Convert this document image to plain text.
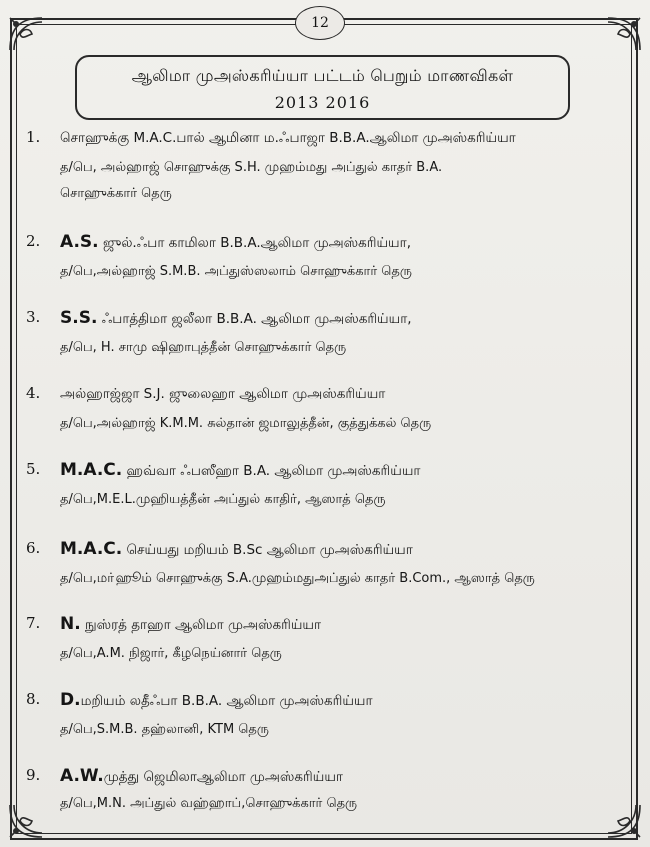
12
ஆலிமா முஅஸ்கரிய்யா பட்டம் பெறும் மாணவிகள்
2013 2016
1. சொஹுக்கு M.A.C.பால் ஆமினா ம.ஃபாஜா B.B.A.ஆலிமா முஅஸ்கரிய்யா
த/பெ, அல்ஹாஜ் சொஹுக்கு S.H. முஹம்மது அப்துல் காதர் B.A.
சொஹுக்கார் தெரு
2. A.S. ஜுல்.ஃபா காமிலா B.B.A.ஆலிமா முஅஸ்கரிய்யா,
த/பெ,அல்ஹாஜ் S.M.B. அப்துஸ்ஸலாம் சொஹுக்கார் தெரு
3. S.S. ஃபாத்திமா ஜலீலா B.B.A. ஆலிமா முஅஸ்கரிய்யா,
த/பெ, H. சாமு ஷிஹாபுத்தீன் சொஹுக்கார் தெரு
4. அல்ஹாஜ்ஜா S.J. ஜுலைஹா ஆலிமா முஅஸ்கரிய்யா
த/பெ,அல்ஹாஜ் K.M.M. சுல்தான் ஜமாலுத்தீன், குத்துக்கல் தெரு
5. M.A.C. ஹவ்வா ஃபஸீஹா B.A. ஆலிமா முஅஸ்கரிய்யா
த/பெ,M.E.L.முஹியத்தீன் அப்துல் காதிர், ஆஸாத் தெரு
6. M.A.C. செய்யது மறியம் B.Sc ஆலிமா முஅஸ்கரிய்யா
த/பெ,மா்ஹூம் சொஹுக்கு S.A.முஹம்மதுஅப்துல் காதர் B.Com., ஆஸாத் தெரு
7. N. நுஸ்ரத் தாஹா ஆலிமா முஅஸ்கரிய்யா
த/பெ,A.M. நிஜார், கீழநெய்னார் தெரு
8. D.மறியம் லதீஃபா B.B.A. ஆலிமா முஅஸ்கரிய்யா
த/பெ,S.M.B. தஹ்லானி, KTM தெரு
9. A.W.முத்து ஜெமிலாஆலிமா முஅஸ்கரிய்யா
த/பெ,M.N. அப்துல் வஹ்ஹாப்,சொஹுக்கார் தெரு
